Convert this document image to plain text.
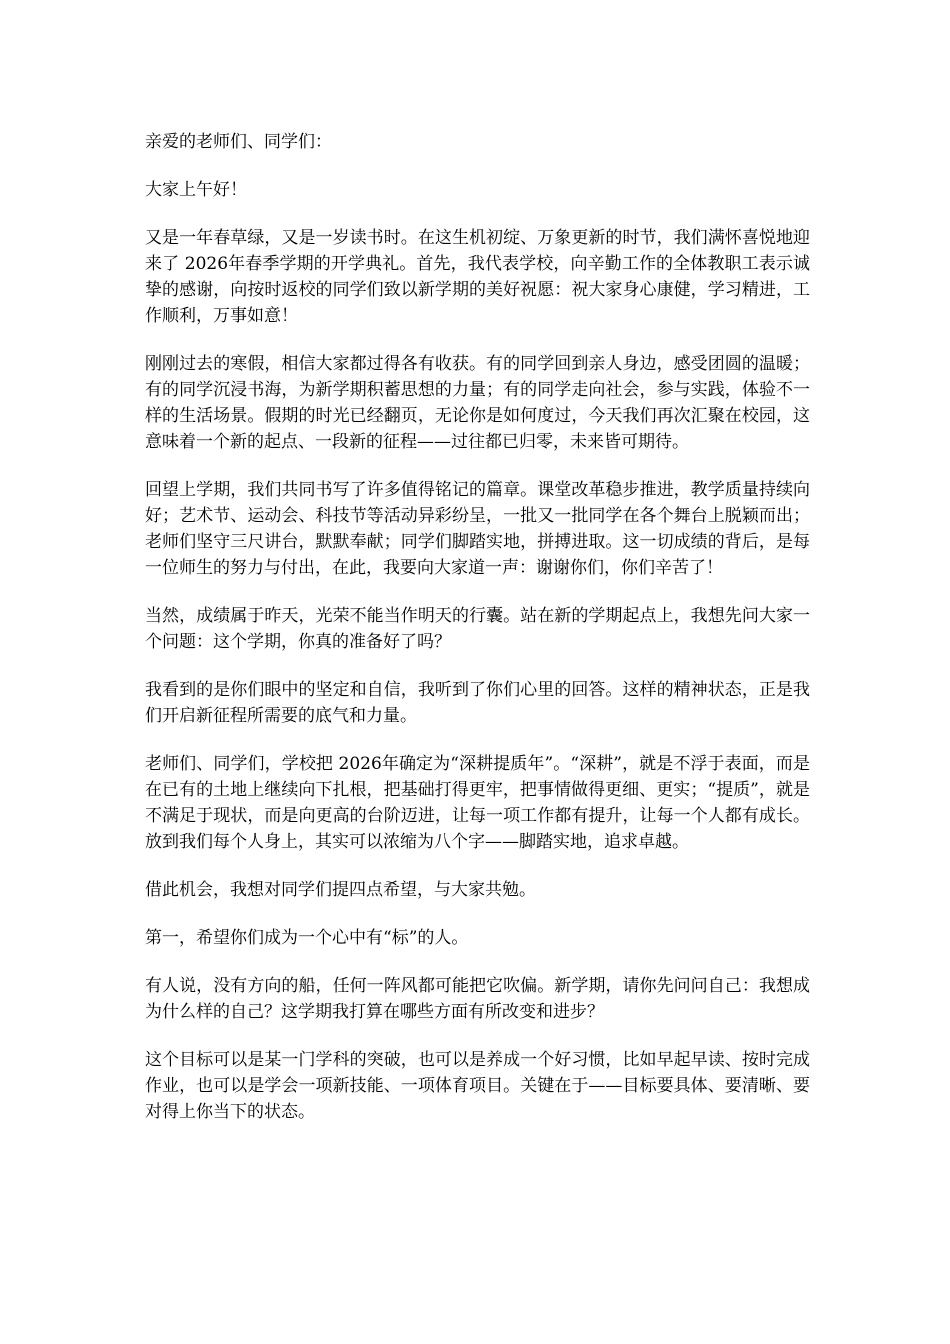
亲爱的老师们、同学们：

大家上午好！

又是一年春草绿，又是一岁读书时。在这生机初绽、万象更新的时节，我们满怀喜悦地迎来了 2026年春季学期的开学典礼。首先，我代表学校，向辛勤工作的全体教职工表示诚挚的感谢，向按时返校的同学们致以新学期的美好祝愿：祝大家身心康健，学习精进，工作顺利，万事如意！

刚刚过去的寒假，相信大家都过得各有收获。有的同学回到亲人身边，感受团圆的温暖；有的同学沉浸书海，为新学期积蓄思想的力量；有的同学走向社会，参与实践，体验不一样的生活场景。假期的时光已经翻页，无论你是如何度过，今天我们再次汇聚在校园，这意味着一个新的起点、一段新的征程——过往都已归零，未来皆可期待。

回望上学期，我们共同书写了许多值得铭记的篇章。课堂改革稳步推进，教学质量持续向好；艺术节、运动会、科技节等活动异彩纷呈，一批又一批同学在各个舞台上脱颖而出；老师们坚守三尺讲台，默默奉献；同学们脚踏实地，拼搏进取。这一切成绩的背后，是每一位师生的努力与付出，在此，我要向大家道一声：谢谢你们，你们辛苦了！

当然，成绩属于昨天，光荣不能当作明天的行囊。站在新的学期起点上，我想先问大家一个问题：这个学期，你真的准备好了吗？

我看到的是你们眼中的坚定和自信，我听到了你们心里的回答。这样的精神状态，正是我们开启新征程所需要的底气和力量。

老师们、同学们，学校把 2026年确定为“深耕提质年”。“深耕”，就是不浮于表面，而是在已有的土地上继续向下扎根，把基础打得更牢，把事情做得更细、更实；“提质”，就是不满足于现状，而是向更高的台阶迈进，让每一项工作都有提升，让每一个人都有成长。放到我们每个人身上，其实可以浓缩为八个字——脚踏实地，追求卓越。

借此机会，我想对同学们提四点希望，与大家共勉。

第一，希望你们成为一个心中有“标”的人。

有人说，没有方向的船，任何一阵风都可能把它吹偏。新学期，请你先问问自己：我想成为什么样的自己？这学期我打算在哪些方面有所改变和进步？

这个目标可以是某一门学科的突破，也可以是养成一个好习惯，比如早起早读、按时完成作业，也可以是学会一项新技能、一项体育项目。关键在于——目标要具体、要清晰、要对得上你当下的状态。
